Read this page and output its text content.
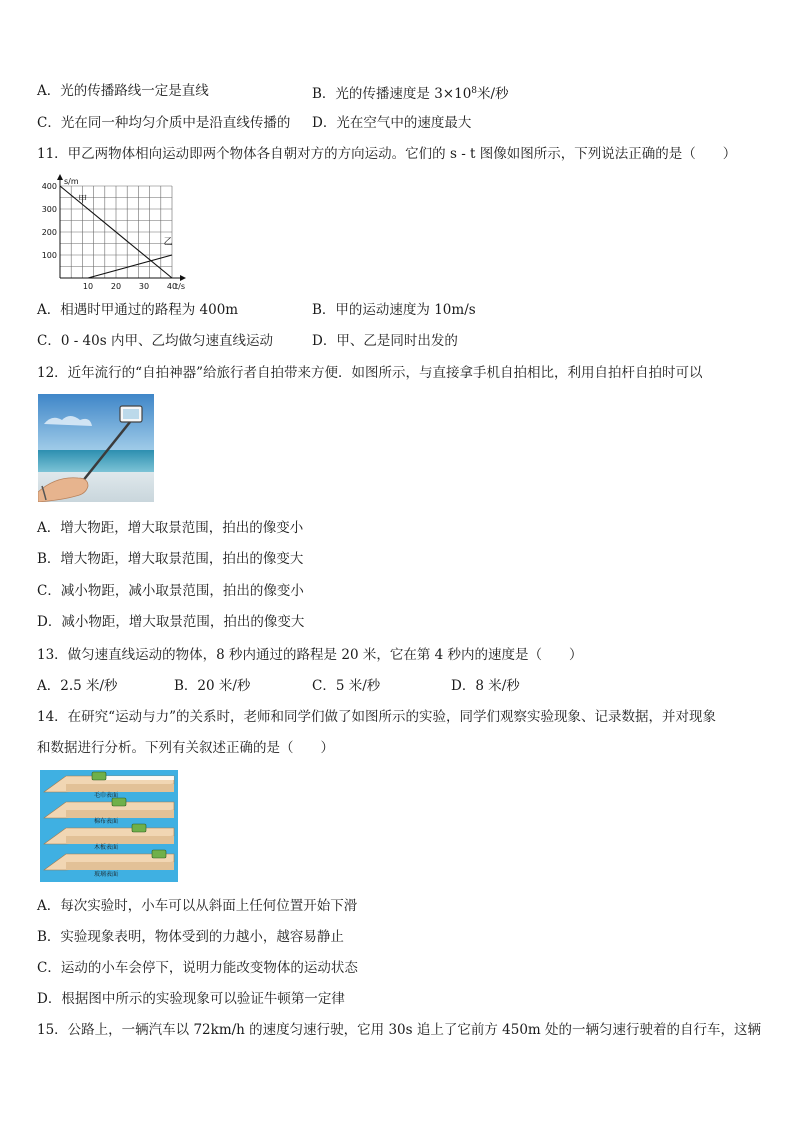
A．光的传播路线一定是直线	B．光的传播速度是 $3\times 10^8$米/秒
C．光在同一种均匀介质中是沿直线传播的 D．光在空气中的速度最大
11．甲乙两物体相向运动即两个物体各自朝对方的方向运动。它们的 s - t 图像如图所示，下列说法正确的是（　　）
甲
乙
100
200
300
400
10 20 30 40
s/m
t/s
A．相遇时甲通过的路程为 400m	B．甲的运动速度为 10m/s
C．0 - 40s 内甲、乙均做匀速直线运动	D．甲、乙是同时出发的
12．近年流行的“自拍神器”给旅行者自拍带来方便．如图所示，与直接拿手机自拍相比，利用自拍杆自拍时可以
A．增大物距，增大取景范围，拍出的像变小
B．增大物距，增大取景范围，拍出的像变大
C．减小物距，减小取景范围，拍出的像变小
D．减小物距，增大取景范围，拍出的像变大
13．做匀速直线运动的物体，8 秒内通过的路程是 20 米，它在第 4 秒内的速度是（　　）
A．2.5 米/秒	B．20 米/秒	C．5 米/秒	D．8 米/秒
14．在研究“运动与力”的关系时，老师和同学们做了如图所示的实验，同学们观察实验现象、记录数据，并对现象
和数据进行分析。下列有关叙述正确的是（　　）
毛巾表面
棉布表面
木板表面
玻璃表面
A．每次实验时，小车可以从斜面上任何位置开始下滑
B．实验现象表明，物体受到的力越小，越容易静止
C．运动的小车会停下，说明力能改变物体的运动状态
D．根据图中所示的实验现象可以验证牛顿第一定律
15．公路上，一辆汽车以 72km/h 的速度匀速行驶，它用 30s 追上了它前方 450m 处的一辆匀速行驶着的自行车，这辆
